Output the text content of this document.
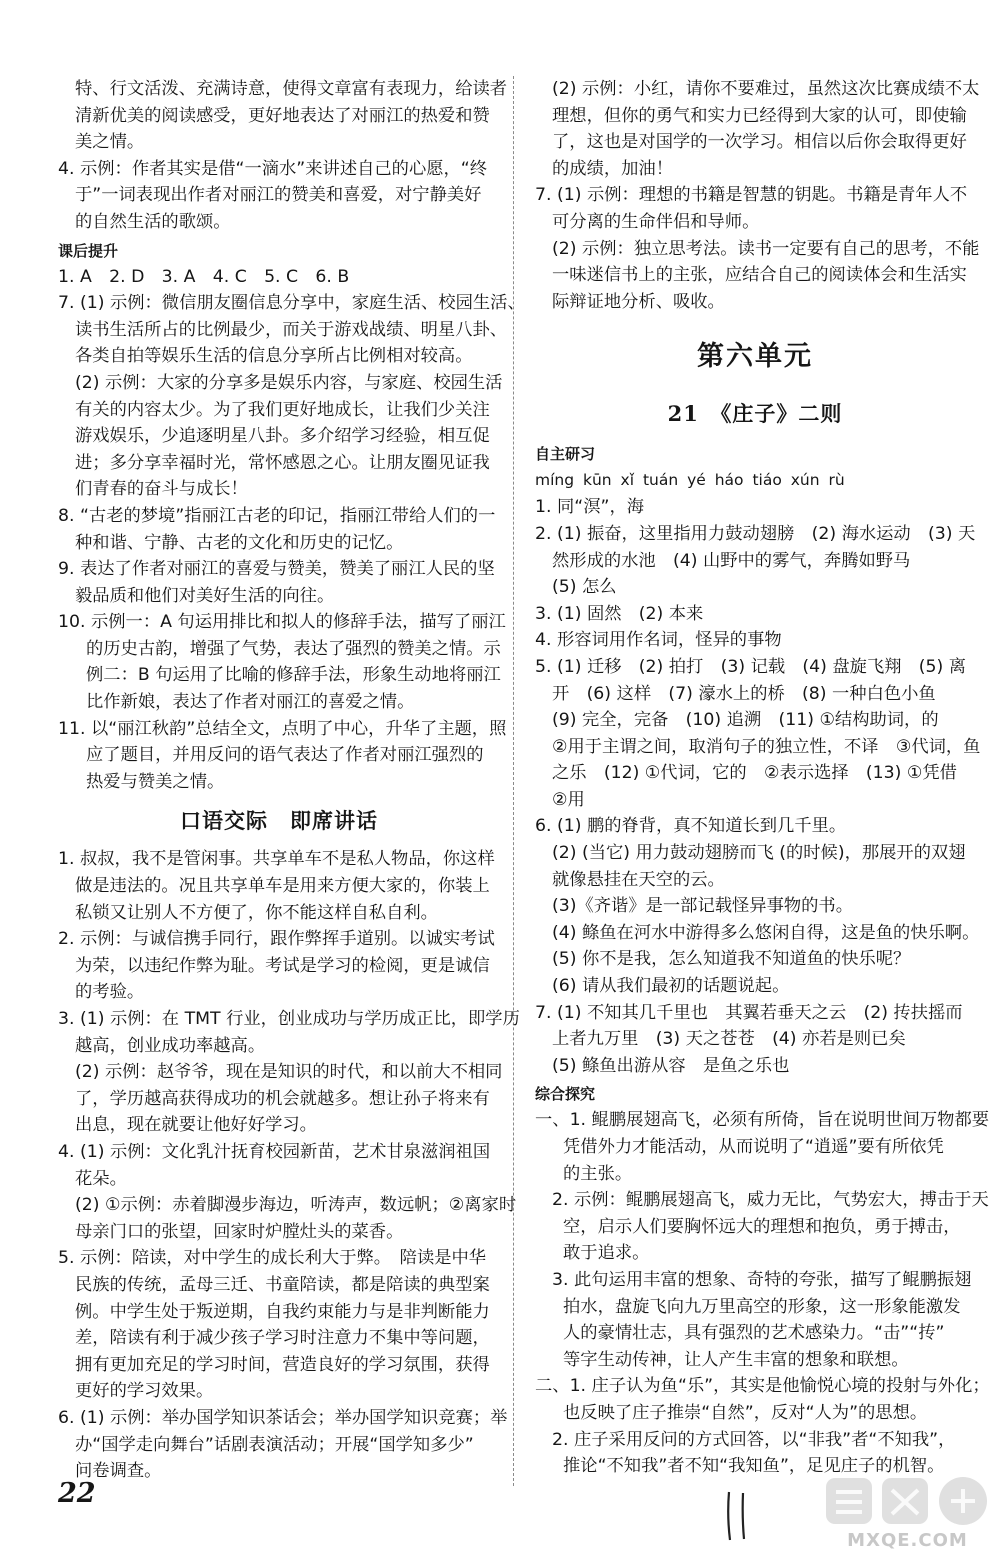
特、行文活泼、充满诗意，使得文章富有表现力，给读者
清新优美的阅读感受，更好地表达了对丽江的热爱和赞
美之情。
4. 示例：作者其实是借“一滴水”来讲述自己的心愿，“终
于”一词表现出作者对丽江的赞美和喜爱，对宁静美好
的自然生活的歌颂。
课后提升
1. A　2. D　3. A　4. C　5. C　6. B
7. (1) 示例：微信朋友圈信息分享中，家庭生活、校园生活、
读书生活所占的比例最少，而关于游戏战绩、明星八卦、
各类自拍等娱乐生活的信息分享所占比例相对较高。
(2) 示例：大家的分享多是娱乐内容，与家庭、校园生活
有关的内容太少。为了我们更好地成长，让我们少关注
游戏娱乐，少追逐明星八卦。多介绍学习经验，相互促
进；多分享幸福时光，常怀感恩之心。让朋友圈见证我
们青春的奋斗与成长！
8. “古老的梦境”指丽江古老的印记，指丽江带给人们的一
种和谐、宁静、古老的文化和历史的记忆。
9. 表达了作者对丽江的喜爱与赞美，赞美了丽江人民的坚
毅品质和他们对美好生活的向往。
10. 示例一：A 句运用排比和拟人的修辞手法，描写了丽江
的历史古韵，增强了气势，表达了强烈的赞美之情。示
例二：B 句运用了比喻的修辞手法，形象生动地将丽江
比作新娘，表达了作者对丽江的喜爱之情。
11. 以“丽江秋韵”总结全文，点明了中心，升华了主题，照
应了题目，并用反问的语气表达了作者对丽江强烈的
热爱与赞美之情。
口语交际　即席讲话
1. 叔叔，我不是管闲事。共享单车不是私人物品，你这样
做是违法的。况且共享单车是用来方便大家的，你装上
私锁又让别人不方便了，你不能这样自私自利。
2. 示例：与诚信携手同行，跟作弊挥手道别。以诚实考试
为荣，以违纪作弊为耻。考试是学习的检阅，更是诚信
的考验。
3. (1) 示例：在 TMT 行业，创业成功与学历成正比，即学历
越高，创业成功率越高。
(2) 示例：赵爷爷，现在是知识的时代，和以前大不相同
了，学历越高获得成功的机会就越多。想让孙子将来有
出息，现在就要让他好好学习。
4. (1) 示例：文化乳汁抚育校园新苗，艺术甘泉滋润祖国
花朵。
(2) ①示例：赤着脚漫步海边，听涛声，数远帆；②离家时
母亲门口的张望，回家时炉膛灶头的菜香。
5. 示例：陪读，对中学生的成长利大于弊。　陪读是中华
民族的传统，孟母三迁、书童陪读，都是陪读的典型案
例。中学生处于叛逆期，自我约束能力与是非判断能力
差，陪读有利于减少孩子学习时注意力不集中等问题，
拥有更加充足的学习时间，营造良好的学习氛围，获得
更好的学习效果。
6. (1) 示例：举办国学知识茶话会；举办国学知识竞赛；举
办“国学走向舞台”话剧表演活动；开展“国学知多少”
问卷调查。
(2) 示例：小红，请你不要难过，虽然这次比赛成绩不太
理想，但你的勇气和实力已经得到大家的认可，即使输
了，这也是对国学的一次学习。相信以后你会取得更好
的成绩，加油！
7. (1) 示例：理想的书籍是智慧的钥匙。书籍是青年人不
可分离的生命伴侣和导师。
(2) 示例：独立思考法。读书一定要有自己的思考，不能
一味迷信书上的主张，应结合自己的阅读体会和生活实
际辩证地分析、吸收。
第六单元
21　《庄子》二则
自主研习
míng kūn xǐ tuán yé háo tiáo xún rù
1. 同“溟”，海
2. (1) 振奋，这里指用力鼓动翅膀　(2) 海水运动　(3) 天
然形成的水池　(4) 山野中的雾气，奔腾如野马
(5) 怎么
3. (1) 固然　(2) 本来
4. 形容词用作名词，怪异的事物
5. (1) 迁移　(2) 拍打　(3) 记载　(4) 盘旋飞翔　(5) 离
开　(6) 这样　(7) 濠水上的桥　(8) 一种白色小鱼
(9) 完全，完备　(10) 追溯　(11) ①结构助词，的
②用于主谓之间，取消句子的独立性，不译　③代词，鱼
之乐　(12) ①代词，它的　②表示选择　(13) ①凭借
②用
6. (1) 鹏的脊背，真不知道长到几千里。
(2) (当它) 用力鼓动翅膀而飞 (的时候)，那展开的双翅
就像悬挂在天空的云。
(3)《齐谐》是一部记载怪异事物的书。
(4) 鲦鱼在河水中游得多么悠闲自得，这是鱼的快乐啊。
(5) 你不是我，怎么知道我不知道鱼的快乐呢？
(6) 请从我们最初的话题说起。
7. (1) 不知其几千里也　其翼若垂天之云　(2) 抟扶摇而
上者九万里　(3) 天之苍苍　(4) 亦若是则已矣
(5) 鲦鱼出游从容　是鱼之乐也
综合探究
一、1. 鲲鹏展翅高飞，必须有所倚，旨在说明世间万物都要
凭借外力才能活动，从而说明了“逍遥”要有所依凭
的主张。
2. 示例：鲲鹏展翅高飞，威力无比，气势宏大，搏击于天
空，启示人们要胸怀远大的理想和抱负，勇于搏击，
敢于追求。
3. 此句运用丰富的想象、奇特的夸张，描写了鲲鹏振翅
拍水，盘旋飞向九万里高空的形象，这一形象能激发
人的豪情壮志，具有强烈的艺术感染力。“击”“抟”
等字生动传神，让人产生丰富的想象和联想。
二、1. 庄子认为鱼“乐”，其实是他愉悦心境的投射与外化；
也反映了庄子推崇“自然”，反对“人为”的思想。
2. 庄子采用反问的方式回答，以“非我”者“不知我”，
推论“不知我”者不知“我知鱼”，足见庄子的机智。
22
MXQE.COM
